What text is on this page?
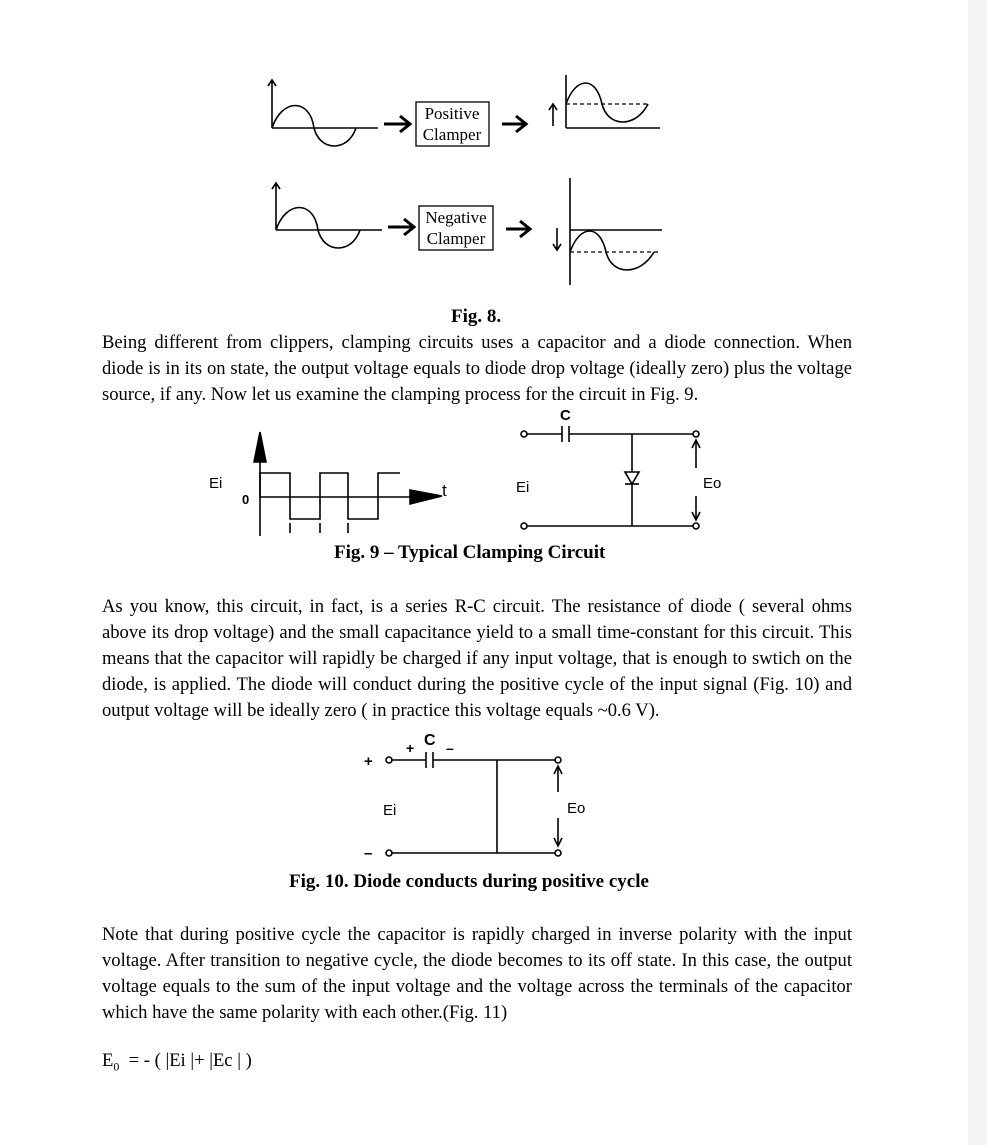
Positive
Clamper
Negative
Clamper
Fig. 8.

Being different from clippers, clamping circuits uses a capacitor and a diode connection. When diode is in its on state, the output voltage equals to diode drop voltage (ideally zero) plus the voltage source, if any. Now let us examine the clamping process for the circuit in Fig. 9.

Ei
0	t
C
Ei	Eo
Fig. 9 – Typical Clamping Circuit

As you know, this circuit, in fact, is a series R-C circuit. The resistance of diode ( several ohms above its drop voltage) and the small capacitance yield to a small time-constant for this circuit. This means that the capacitor will rapidly be charged if any input voltage, that is enough to swtich on the diode, is applied. The diode will conduct during the positive cycle of the input signal (Fig. 10) and output voltage will be ideally zero ( in practice this voltage equals ~0.6 V).

+
–
+ –
C
Ei	Eo
Fig. 10. Diode conducts during positive cycle

Note that during positive cycle the capacitor is rapidly charged in inverse polarity with the input voltage. After transition to negative cycle, the diode becomes to its off state. In this case, the output voltage equals to the sum of the input voltage and the voltage across the terminals of the capacitor which have the same polarity with each other.(Fig. 11)

$E_0$ = - ( |Ei |+ |Ec | )
